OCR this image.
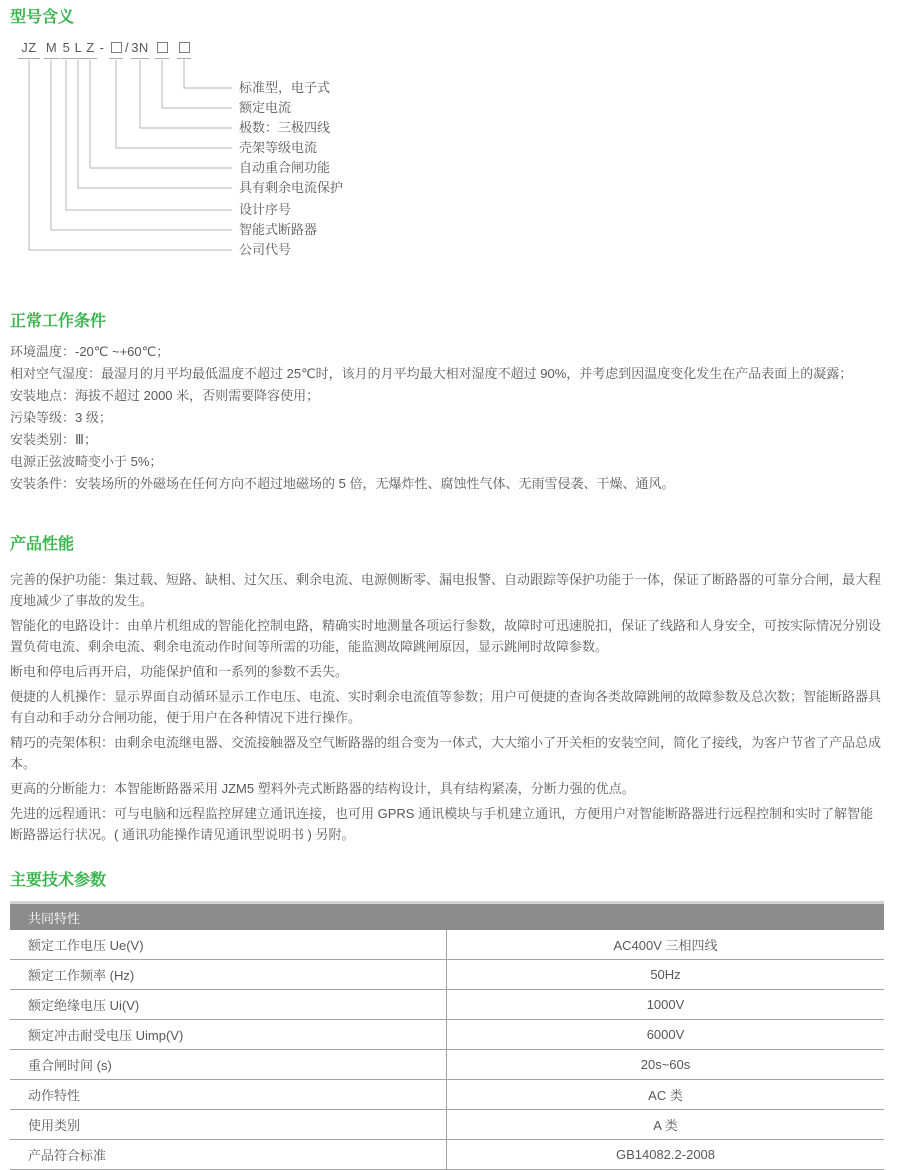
型号含义
JZ M 5 L Z - / 3N
标准型，电子式
额定电流
极数：三极四线
壳架等级电流
自动重合闸功能
具有剩余电流保护
设计序号
智能式断路器
公司代号
正常工作条件
环境温度：-20℃ ~+60℃；
相对空气湿度：最湿月的月平均最低温度不超过 25℃时，该月的月平均最大相对湿度不超过 90%，并考虑到因温度变化发生在产品表面上的凝露；
安装地点：海拔不超过 2000 米，否则需要降容使用；
污染等级：3 级；
安装类别：Ⅲ；
电源正弦波畸变小于 5%；
安装条件：安装场所的外磁场在任何方向不超过地磁场的 5 倍，无爆炸性、腐蚀性气体、无雨雪侵袭、干燥、通风。
产品性能

完善的保护功能：集过载、短路、缺相、过欠压、剩余电流、电源侧断零、漏电报警、自动跟踪等保护功能于一体，保证了断路器的可靠分合闸，最大程度地减少了事故的发生。

智能化的电路设计：由单片机组成的智能化控制电路，精确实时地测量各项运行参数，故障时可迅速脱扣，保证了线路和人身安全，可按实际情况分别设置负荷电流、剩余电流、剩余电流动作时间等所需的功能，能监测故障跳闸原因，显示跳闸时故障参数。

断电和停电后再开启，功能保护值和一系列的参数不丢失。

便捷的人机操作：显示界面自动循环显示工作电压、电流、实时剩余电流值等参数；用户可便捷的查询各类故障跳闸的故障参数及总次数；智能断路器具有自动和手动分合闸功能，便于用户在各种情况下进行操作。

精巧的壳架体积：由剩余电流继电器、交流接触器及空气断路器的组合变为一体式，大大缩小了开关柜的安装空间，简化了接线，为客户节省了产品总成本。

更高的分断能力：本智能断路器采用 JZM5 塑料外壳式断路器的结构设计，具有结构紧凑，分断力强的优点。

先进的远程通讯：可与电脑和远程监控屏建立通讯连接，也可用 GPRS 通讯模块与手机建立通讯，方便用户对智能断路器进行远程控制和实时了解智能断路器运行状况。( 通讯功能操作请见通讯型说明书 ) 另附。

主要技术参数
共同特性
额定工作电压 Ue(V)	AC400V 三相四线
额定工作频率 (Hz)	50Hz
额定绝缘电压 Ui(V)	1000V
额定冲击耐受电压 Uimp(V)	6000V
重合闸时间 (s)	20s~60s
动作特性	AC 类
使用类别	A 类
产品符合标准	GB14082.2-2008
